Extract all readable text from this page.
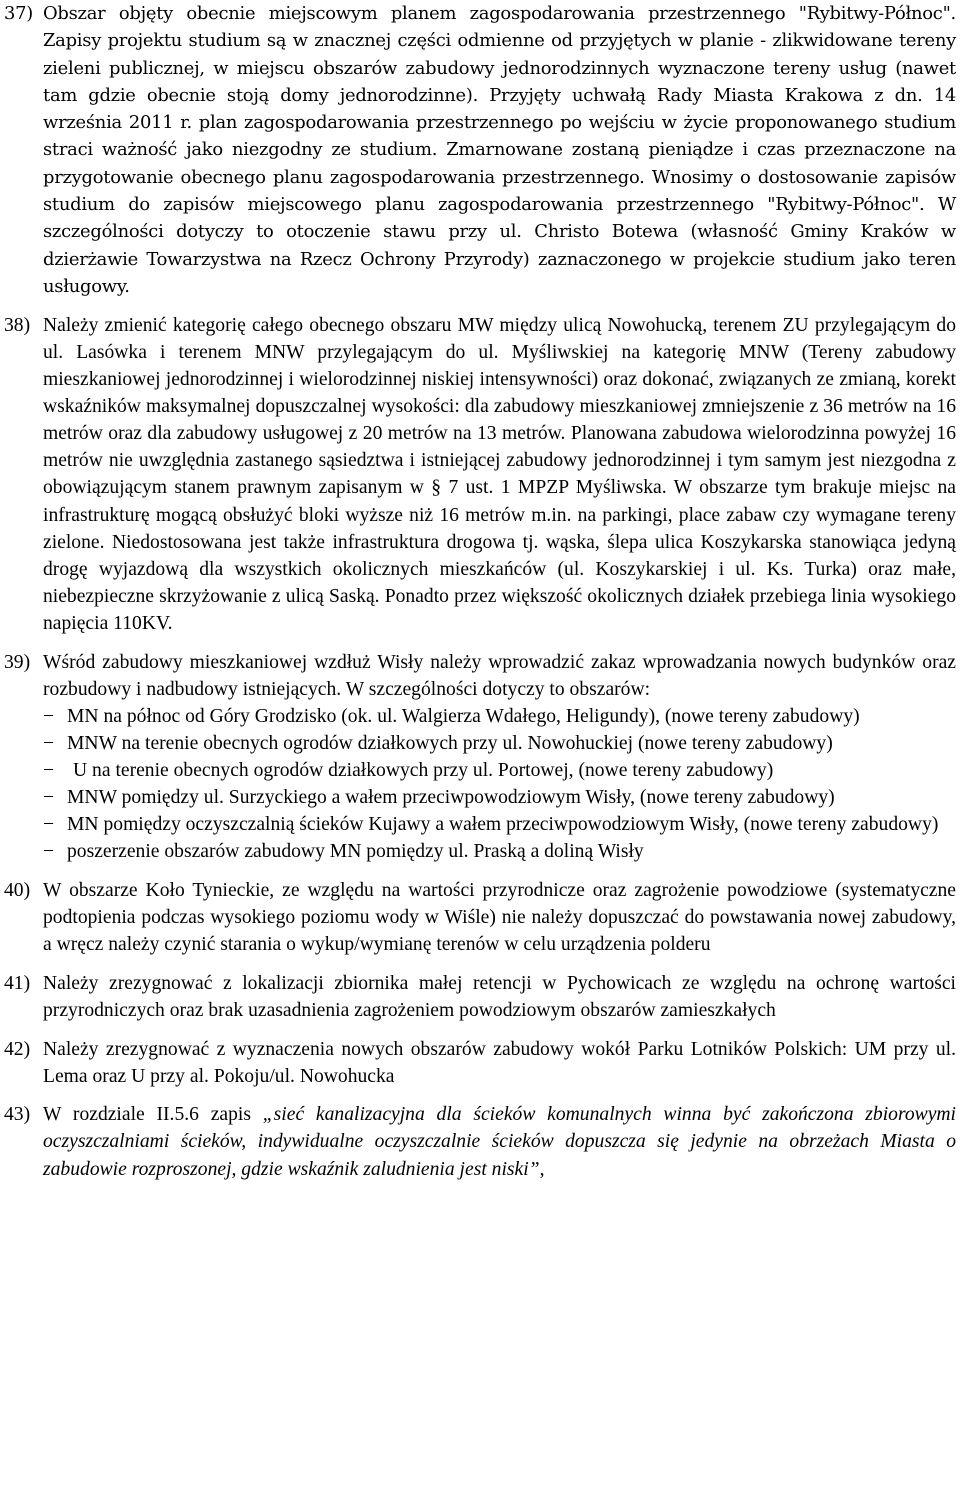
37) Obszar objęty obecnie miejscowym planem zagospodarowania przestrzennego "Rybitwy-Północ". Zapisy projektu studium są w znacznej części odmienne od przyjętych w planie - zlikwidowane tereny zieleni publicznej, w miejscu obszarów zabudowy jednorodzinnych wyznaczone tereny usług (nawet tam gdzie obecnie stoją domy jednorodzinne). Przyjęty uchwałą Rady Miasta Krakowa z dn. 14 września 2011 r. plan zagospodarowania przestrzennego po wejściu w życie proponowanego studium straci ważność jako niezgodny ze studium. Zmarnowane zostaną pieniądze i czas przeznaczone na przygotowanie obecnego planu zagospodarowania przestrzennego. Wnosimy o dostosowanie zapisów studium do zapisów miejscowego planu zagospodarowania przestrzennego "Rybitwy-Północ". W szczególności dotyczy to otoczenie stawu przy ul. Christo Botewa (własność Gminy Kraków w dzierżawie Towarzystwa na Rzecz Ochrony Przyrody) zaznaczonego w projekcie studium jako teren usługowy.
38) Należy zmienić kategorię całego obecnego obszaru MW między ulicą Nowohucką, terenem ZU przylegającym do ul. Lasówka i terenem MNW przylegającym do ul. Myśliwskiej na kategorię MNW (Tereny zabudowy mieszkaniowej jednorodzinnej i wielorodzinnej niskiej intensywności) oraz dokonać, związanych ze zmianą, korekt wskaźników maksymalnej dopuszczalnej wysokości: dla zabudowy mieszkaniowej zmniejszenie z 36 metrów na 16 metrów oraz dla zabudowy usługowej z 20 metrów na 13 metrów. Planowana zabudowa wielorodzinna powyżej 16 metrów nie uwzględnia zastanego sąsiedztwa i istniejącej zabudowy jednorodzinnej i tym samym jest niezgodna z obowiązującym stanem prawnym zapisanym w § 7 ust. 1 MPZP Myśliwska. W obszarze tym brakuje miejsc na infrastrukturę mogącą obsłużyć bloki wyższe niż 16 metrów m.in. na parkingi, place zabaw czy wymagane tereny zielone. Niedostosowana jest także infrastruktura drogowa tj. wąska, ślepa ulica Koszykarska stanowiąca jedyną drogę wyjazdową dla wszystkich okolicznych mieszkańców (ul. Koszykarskiej i ul. Ks. Turka) oraz małe, niebezpieczne skrzyżowanie z ulicą Saską. Ponadto przez większość okolicznych działek przebiega linia wysokiego napięcia 110KV.
39) Wśród zabudowy mieszkaniowej wzdłuż Wisły należy wprowadzić zakaz wprowadzania nowych budynków oraz rozbudowy i nadbudowy istniejących. W szczególności dotyczy to obszarów:
− MN na północ od Góry Grodzisko (ok. ul. Walgierza Wdałego, Heligundy), (nowe tereny zabudowy)
− MNW na terenie obecnych ogrodów działkowych przy ul. Nowohuckiej (nowe tereny zabudowy)
− U na terenie obecnych ogrodów działkowych przy ul. Portowej, (nowe tereny zabudowy)
− MNW pomiędzy ul. Surzyckiego a wałem przeciwpowodziowym Wisły, (nowe tereny zabudowy)
− MN pomiędzy oczyszczalnią ścieków Kujawy a wałem przeciwpowodziowym Wisły, (nowe tereny zabudowy)
− poszerzenie obszarów zabudowy MN pomiędzy ul. Praską a doliną Wisły
40) W obszarze Koło Tynieckie, ze względu na wartości przyrodnicze oraz zagrożenie powodziowe (systematyczne podtopienia podczas wysokiego poziomu wody w Wiśle) nie należy dopuszczać do powstawania nowej zabudowy, a wręcz należy czynić starania o wykup/wymianę terenów w celu urządzenia polderu
41) Należy zrezygnować z lokalizacji zbiornika małej retencji w Pychowicach ze względu na ochronę wartości przyrodniczych oraz brak uzasadnienia zagrożeniem powodziowym obszarów zamieszkałych
42) Należy zrezygnować z wyznaczenia nowych obszarów zabudowy wokół Parku Lotników Polskich: UM przy ul. Lema oraz U przy al. Pokoju/ul. Nowohucka
43) W rozdziale II.5.6 zapis „sieć kanalizacyjna dla ścieków komunalnych winna być zakończona zbiorowymi oczyszczalniami ścieków, indywidualne oczyszczalnie ścieków dopuszcza się jedynie na obrzeżach Miasta o zabudowie rozproszonej, gdzie wskaźnik zaludnienia jest niski”,
